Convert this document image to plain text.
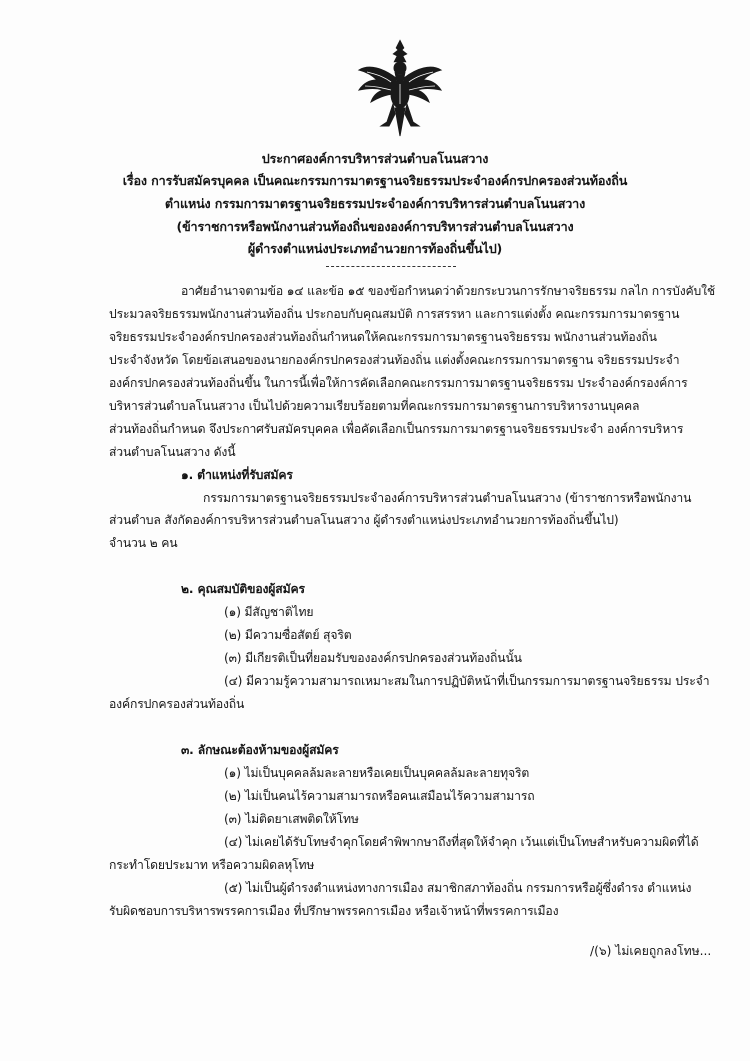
ประกาศองค์การบริหารส่วนตำบลโนนสวาง
เรื่อง การรับสมัครบุคคล เป็นคณะกรรมการมาตรฐานจริยธรรมประจำองค์กรปกครองส่วนท้องถิ่น
ตำแหน่ง กรรมการมาตรฐานจริยธรรมประจำองค์การบริหารส่วนตำบลโนนสวาง
(ข้าราชการหรือพนักงานส่วนท้องถิ่นขององค์การบริหารส่วนตำบลโนนสวาง
ผู้ดำรงตำแหน่งประเภทอำนวยการท้องถิ่นขึ้นไป)
อาศัยอำนาจตามข้อ ๑๔ และข้อ ๑๕ ของข้อกำหนดว่าด้วยกระบวนการรักษาจริยธรรม กลไก การบังคับใช้
ประมวลจริยธรรมพนักงานส่วนท้องถิ่น ประกอบกับคุณสมบัติ การสรรหา และการแต่งตั้ง คณะกรรมการมาตรฐาน
จริยธรรมประจำองค์กรปกครองส่วนท้องถิ่นกำหนดให้คณะกรรมการมาตรฐานจริยธรรม พนักงานส่วนท้องถิ่น
ประจำจังหวัด โดยข้อเสนอของนายกองค์กรปกครองส่วนท้องถิ่น แต่งตั้งคณะกรรมการมาตรฐาน จริยธรรมประจำ
องค์กรปกครองส่วนท้องถิ่นขึ้น ในการนี้เพื่อให้การคัดเลือกคณะกรรมการมาตรฐานจริยธรรม ประจำองค์กรองค์การ
บริหารส่วนตำบลโนนสวาง เป็นไปด้วยความเรียบร้อยตามที่คณะกรรมการมาตรฐานการบริหารงานบุคคล
ส่วนท้องถิ่นกำหนด จึงประกาศรับสมัครบุคคล เพื่อคัดเลือกเป็นกรรมการมาตรฐานจริยธรรมประจำ องค์การบริหาร
ส่วนตำบลโนนสวาง ดังนี้
๑. ตำแหน่งที่รับสมัคร
กรรมการมาตรฐานจริยธรรมประจำองค์การบริหารส่วนตำบลโนนสวาง (ข้าราชการหรือพนักงาน
ส่วนตำบล สังกัดองค์การบริหารส่วนตำบลโนนสวาง ผู้ดำรงตำแหน่งประเภทอำนวยการท้องถิ่นขึ้นไป)
จำนวน ๒ คน
๒. คุณสมบัติของผู้สมัคร
(๑) มีสัญชาติไทย
(๒) มีความซื่อสัตย์ สุจริต
(๓) มีเกียรติเป็นที่ยอมรับขององค์กรปกครองส่วนท้องถิ่นนั้น
(๔) มีความรู้ความสามารถเหมาะสมในการปฏิบัติหน้าที่เป็นกรรมการมาตรฐานจริยธรรม ประจำ
องค์กรปกครองส่วนท้องถิ่น
๓. ลักษณะต้องห้ามของผู้สมัคร
(๑) ไม่เป็นบุคคลล้มละลายหรือเคยเป็นบุคคลล้มละลายทุจริต
(๒) ไม่เป็นคนไร้ความสามารถหรือคนเสมือนไร้ความสามารถ
(๓) ไม่ติดยาเสพติดให้โทษ
(๔) ไม่เคยได้รับโทษจำคุกโดยคำพิพากษาถึงที่สุดให้จำคุก เว้นแต่เป็นโทษสำหรับความผิดที่ได้
กระทำโดยประมาท หรือความผิดลหุโทษ
(๕) ไม่เป็นผู้ดำรงตำแหน่งทางการเมือง สมาชิกสภาท้องถิ่น กรรมการหรือผู้ซึ่งดำรง ตำแหน่ง
รับผิดชอบการบริหารพรรคการเมือง ที่ปรึกษาพรรคการเมือง หรือเจ้าหน้าที่พรรคการเมือง
/(๖) ไม่เคยถูกลงโทษ...
